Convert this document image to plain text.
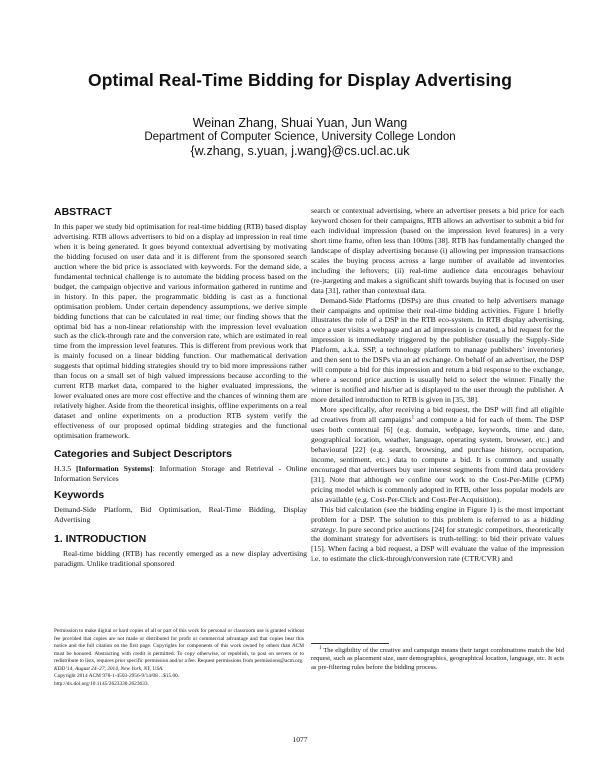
Optimal Real-Time Bidding for Display Advertising
Weinan Zhang, Shuai Yuan, Jun Wang
Department of Computer Science, University College London
{w.zhang, s.yuan, j.wang}@cs.ucl.ac.uk
ABSTRACT

In this paper we study bid optimisation for real-time bidding (RTB) based display advertising. RTB allows advertisers to bid on a display ad impression in real time when it is being generated. It goes beyond contextual advertising by motivating the bidding focused on user data and it is different from the sponsored search auction where the bid price is associated with keywords. For the demand side, a fundamental technical challenge is to automate the bidding process based on the budget, the campaign objective and various information gathered in runtime and in history. In this paper, the programmatic bidding is cast as a functional optimisation problem. Under certain dependency assumptions, we derive simple bidding functions that can be calculated in real time; our finding shows that the optimal bid has a non-linear relationship with the impression level evaluation such as the click-through rate and the conversion rate, which are estimated in real time from the impression level features. This is different from previous work that is mainly focused on a linear bidding function. Our mathematical derivation suggests that optimal bidding strategies should try to bid more impressions rather than focus on a small set of high valued impressions because according to the current RTB market data, compared to the higher evaluated impressions, the lower evaluated ones are more cost effective and the chances of winning them are relatively higher. Aside from the theoretical insights, offline experiments on a real dataset and online experiments on a production RTB system verify the effectiveness of our proposed optimal bidding strategies and the functional optimisation framework.

Categories and Subject Descriptors

H.3.5 [Information Systems]: Information Storage and Retrieval - Online Information Services

Keywords

Demand-Side Platform, Bid Optimisation, Real-Time Bidding, Display Advertising

1. INTRODUCTION

Real-time bidding (RTB) has recently emerged as a new display advertising paradigm. Unlike traditional sponsored

Permission to make digital or hard copies of all or part of this work for personal or classroom use is granted without fee provided that copies are not made or distributed for profit or commercial advantage and that copies bear this notice and the full citation on the first page. Copyrights for components of this work owned by others than ACM must be honored. Abstracting with credit is permitted. To copy otherwise, or republish, to post on servers or to redistribute to lists, requires prior specific permission and/or a fee. Request permissions from permissions@acm.org.
KDD’14, August 24–27, 2014, New York, NY, USA.
Copyright 2014 ACM 978-1-4503-2956-9/14/08 ...$15.00.
http://dx.doi.org/10.1145/2623330.2623633.

search or contextual advertising, where an advertiser presets a bid price for each keyword chosen for their campaigns, RTB allows an advertiser to submit a bid for each individual impression (based on the impression level features) in a very short time frame, often less than 100ms [38]. RTB has fundamentally changed the landscape of display advertising because (i) allowing per impression transactions scales the buying process across a large number of available ad inventories including the leftovers; (ii) real-time audience data encourages behaviour (re-)targeting and makes a significant shift towards buying that is focused on user data [31], rather than contextual data.

Demand-Side Platforms (DSPs) are thus created to help advertisers manage their campaigns and optimise their real-time bidding activities. Figure 1 briefly illustrates the role of a DSP in the RTB eco-system. In RTB display advertising, once a user visits a webpage and an ad impression is created, a bid request for the impression is immediately triggered by the publisher (usually the Supply-Side Platform, a.k.a. SSP, a technology platform to manage publishers’ inventories) and then sent to the DSPs via an ad exchange. On behalf of an advertiser, the DSP will compute a bid for this impression and return a bid response to the exchange, where a second price auction is usually held to select the winner. Finally the winner is notified and his/her ad is displayed to the user through the publisher. A more detailed introduction to RTB is given in [35, 38].

More specifically, after receiving a bid request, the DSP will find all eligible ad creatives from all campaigns$^1$ and compute a bid for each of them. The DSP uses both contextual [6] (e.g. domain, webpage, keywords, time and date, geographical location, weather, language, operating system, browser, etc.) and behavioural [22] (e.g. search, browsing, and purchase history, occupation, income, sentiment, etc.) data to compute a bid. It is common and usually encouraged that advertisers buy user interest segments from third data providers [31]. Note that although we confine our work to the Cost-Per-Mille (CPM) pricing model which is commonly adopted in RTB, other less popular models are also available (e.g. Cost-Per-Click and Cost-Per-Acquisition).

This bid calculation (see the bidding engine in Figure 1) is the most important problem for a DSP. The solution to this problem is referred to as a bidding strategy. In pure second price auctions [24] for strategic competitors, theoretically the dominant strategy for advertisers is truth-telling: to bid their private values [15]. When facing a bid request, a DSP will evaluate the value of the impression i.e. to estimate the click-through/conversion rate (CTR/CVR) and

$^1$ The eligibility of the creative and campaign means their target combinations match the bid request, such as placement size, user demographics, geographical location, language, etc. It acts as pre-filtering rules before the bidding process.
1077
